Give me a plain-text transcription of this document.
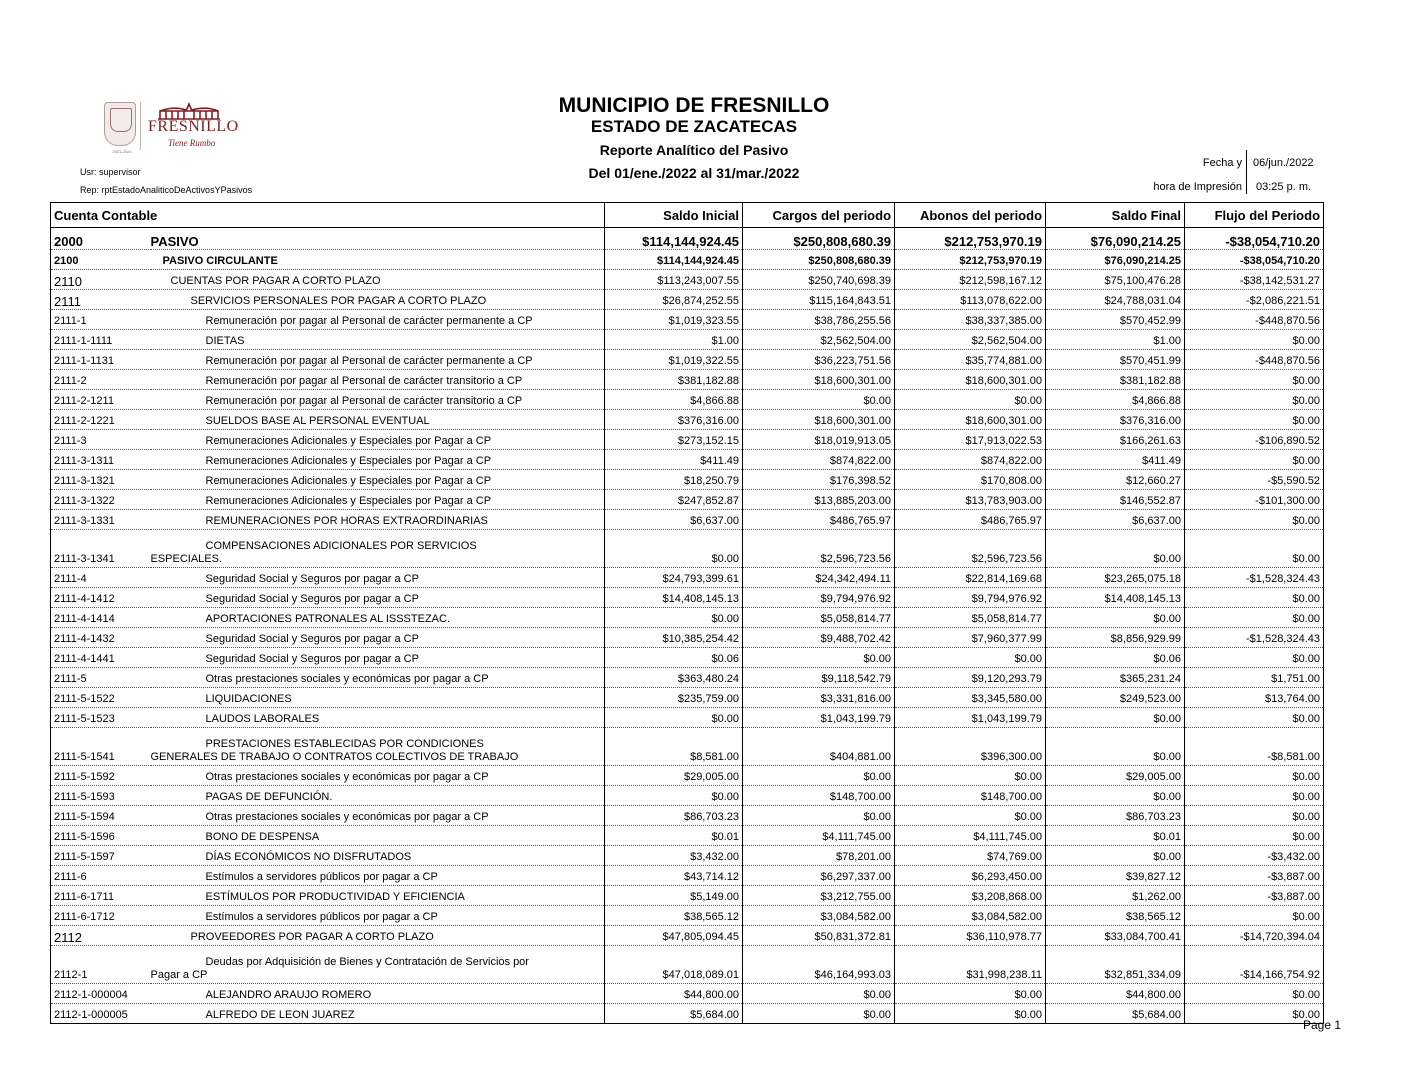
2021-2024
FRESNILLO
Tiene Rumbo
Usr: supervisor
Rep: rptEstadoAnaliticoDeActivosYPasivos
MUNICIPIO DE FRESNILLO
ESTADO DE ZACATECAS
Reporte Analítico del Pasivo
Del 01/ene./2022 al 31/mar./2022
Fecha y 06/jun./2022
hora de Impresión 03:25 p. m.
Cuenta Contable		Saldo Inicial	Cargos del periodo	Abonos del periodo	Saldo Final	Flujo del Periodo
2000	PASIVO	$114,144,924.45	$250,808,680.39	$212,753,970.19	$76,090,214.25	-$38,054,710.20
2100	PASIVO CIRCULANTE	$114,144,924.45	$250,808,680.39	$212,753,970.19	$76,090,214.25	-$38,054,710.20
2110	CUENTAS POR PAGAR A CORTO PLAZO	$113,243,007.55	$250,740,698.39	$212,598,167.12	$75,100,476.28	-$38,142,531.27
2111	SERVICIOS PERSONALES POR PAGAR A CORTO PLAZO	$26,874,252.55	$115,164,843.51	$113,078,622.00	$24,788,031.04	-$2,086,221.51
2111-1	Remuneración por pagar al Personal de carácter permanente a CP	$1,019,323.55	$38,786,255.56	$38,337,385.00	$570,452.99	-$448,870.56
2111-1-1111	DIETAS	$1.00	$2,562,504.00	$2,562,504.00	$1.00	$0.00
2111-1-1131	Remuneración por pagar al Personal de carácter permanente a CP	$1,019,322.55	$36,223,751.56	$35,774,881.00	$570,451.99	-$448,870.56
2111-2	Remuneración por pagar al Personal de carácter transitorio a CP	$381,182.88	$18,600,301.00	$18,600,301.00	$381,182.88	$0.00
2111-2-1211	Remuneración por pagar al Personal de carácter transitorio a CP	$4,866.88	$0.00	$0.00	$4,866.88	$0.00
2111-2-1221	SUELDOS BASE AL PERSONAL EVENTUAL	$376,316.00	$18,600,301.00	$18,600,301.00	$376,316.00	$0.00
2111-3	Remuneraciones Adicionales y Especiales por Pagar a CP	$273,152.15	$18,019,913.05	$17,913,022.53	$166,261.63	-$106,890.52
2111-3-1311	Remuneraciones Adicionales y Especiales por Pagar a CP	$411.49	$874,822.00	$874,822.00	$411.49	$0.00
2111-3-1321	Remuneraciones Adicionales y Especiales por Pagar a CP	$18,250.79	$176,398.52	$170,808.00	$12,660.27	-$5,590.52
2111-3-1322	Remuneraciones Adicionales y Especiales por Pagar a CP	$247,852.87	$13,885,203.00	$13,783,903.00	$146,552.87	-$101,300.00
2111-3-1331	REMUNERACIONES POR HORAS EXTRAORDINARIAS	$6,637.00	$486,765.97	$486,765.97	$6,637.00	$0.00
2111-3-1341	COMPENSACIONES ADICIONALES POR SERVICIOS
ESPECIALES.	$0.00	$2,596,723.56	$2,596,723.56	$0.00	$0.00
2111-4	Seguridad Social y Seguros por pagar a CP	$24,793,399.61	$24,342,494.11	$22,814,169.68	$23,265,075.18	-$1,528,324.43
2111-4-1412	Seguridad Social y Seguros por pagar a CP	$14,408,145.13	$9,794,976.92	$9,794,976.92	$14,408,145.13	$0.00
2111-4-1414	APORTACIONES PATRONALES AL ISSSTEZAC.	$0.00	$5,058,814.77	$5,058,814.77	$0.00	$0.00
2111-4-1432	Seguridad Social y Seguros por pagar a CP	$10,385,254.42	$9,488,702.42	$7,960,377.99	$8,856,929.99	-$1,528,324.43
2111-4-1441	Seguridad Social y Seguros por pagar a CP	$0.06	$0.00	$0.00	$0.06	$0.00
2111-5	Otras prestaciones sociales y económicas por pagar a CP	$363,480.24	$9,118,542.79	$9,120,293.79	$365,231.24	$1,751.00
2111-5-1522	LIQUIDACIONES	$235,759.00	$3,331,816.00	$3,345,580.00	$249,523.00	$13,764.00
2111-5-1523	LAUDOS LABORALES	$0.00	$1,043,199.79	$1,043,199.79	$0.00	$0.00
2111-5-1541	PRESTACIONES ESTABLECIDAS POR CONDICIONES
GENERALES DE TRABAJO O CONTRATOS COLECTIVOS DE TRABAJO	$8,581.00	$404,881.00	$396,300.00	$0.00	-$8,581.00
2111-5-1592	Otras prestaciones sociales y económicas por pagar a CP	$29,005.00	$0.00	$0.00	$29,005.00	$0.00
2111-5-1593	PAGAS DE DEFUNCIÓN.	$0.00	$148,700.00	$148,700.00	$0.00	$0.00
2111-5-1594	Otras prestaciones sociales y económicas por pagar a CP	$86,703.23	$0.00	$0.00	$86,703.23	$0.00
2111-5-1596	BONO DE DESPENSA	$0.01	$4,111,745.00	$4,111,745.00	$0.01	$0.00
2111-5-1597	DÍAS ECONÓMICOS NO DISFRUTADOS	$3,432.00	$78,201.00	$74,769.00	$0.00	-$3,432.00
2111-6	Estímulos a servidores públicos por pagar a CP	$43,714.12	$6,297,337.00	$6,293,450.00	$39,827.12	-$3,887.00
2111-6-1711	ESTÍMULOS POR PRODUCTIVIDAD Y EFICIENCIA	$5,149.00	$3,212,755.00	$3,208,868.00	$1,262.00	-$3,887.00
2111-6-1712	Estímulos a servidores públicos por pagar a CP	$38,565.12	$3,084,582.00	$3,084,582.00	$38,565.12	$0.00
2112	PROVEEDORES POR PAGAR A CORTO PLAZO	$47,805,094.45	$50,831,372.81	$36,110,978.77	$33,084,700.41	-$14,720,394.04
2112-1	Deudas por Adquisición de Bienes y Contratación de Servicios por
Pagar a CP	$47,018,089.01	$46,164,993.03	$31,998,238.11	$32,851,334.09	-$14,166,754.92
2112-1-000004	ALEJANDRO ARAUJO ROMERO	$44,800.00	$0.00	$0.00	$44,800.00	$0.00
2112-1-000005	ALFREDO DE LEON JUAREZ	$5,684.00	$0.00	$0.00	$5,684.00	$0.00
Page 1
